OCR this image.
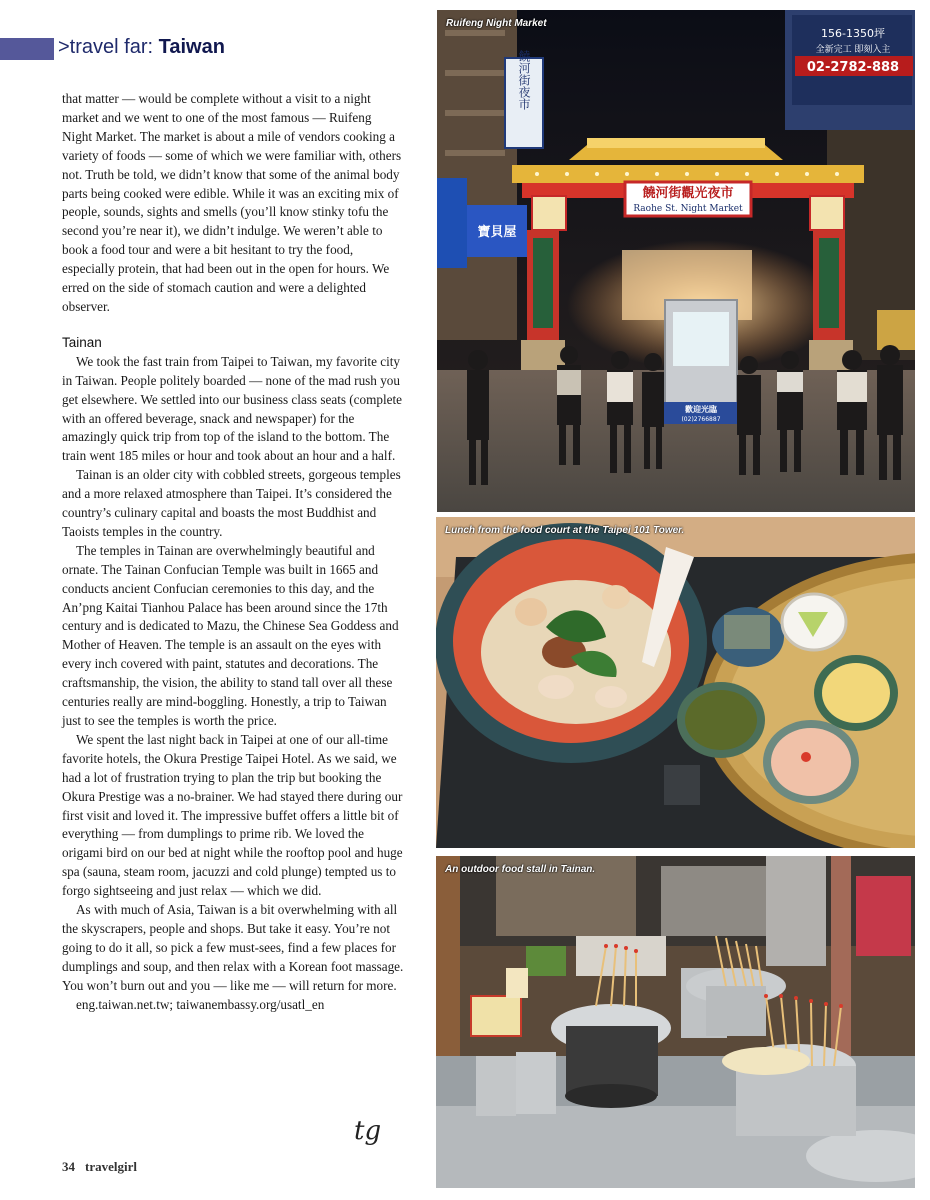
>travel far: Taiwan

that matter — would be complete without a visit to a night market and we went to one of the most famous — Ruifeng Night Market. The market is about a mile of vendors cooking a variety of foods — some of which we were familiar with, others not. Truth be told, we didn’t know that some of the animal body parts being cooked were edible. While it was an exciting mix of people, sounds, sights and smells (you’ll know stinky tofu the second you’re near it), we didn’t indulge. We weren’t able to book a food tour and were a bit hesitant to try the food, especially protein, that had been out in the open for hours. We erred on the side of stomach caution and were a delighted observer.

Tainan

We took the fast train from Taipei to Taiwan, my favorite city in Taiwan. People politely boarded — none of the mad rush you get elsewhere. We settled into our business class seats (complete with an offered beverage, snack and newspaper) for the amazingly quick trip from top of the island to the bottom. The train went 185 miles or hour and took about an hour and a half.

Tainan is an older city with cobbled streets, gorgeous temples and a more relaxed atmosphere than Taipei. It’s considered the country’s culinary capital and boasts the most Buddhist and Taoists temples in the country.

The temples in Tainan are overwhelmingly beautiful and ornate. The Tainan Confucian Temple was built in 1665 and conducts ancient Confucian ceremonies to this day, and the An’png Kaitai Tianhou Palace has been around since the 17th century and is dedicated to Mazu, the Chinese Sea Goddess and Mother of Heaven. The temple is an assault on the eyes with every inch covered with paint, statutes and decorations. The craftsmanship, the vision, the ability to stand tall over all these centuries really are mind-boggling. Honestly, a trip to Taiwan just to see the temples is worth the price.

We spent the last night back in Taipei at one of our all-time favorite hotels, the Okura Prestige Taipei Hotel. As we said, we had a lot of frustration trying to plan the trip but booking the Okura Prestige was a no-brainer. We had stayed there during our first visit and loved it. The impressive buffet offers a little bit of everything — from dumplings to prime rib. We loved the origami bird on our bed at night while the rooftop pool and huge spa (sauna, steam room, jacuzzi and cold plunge) tempted us to forgo sightseeing and just relax — which we did.

As with much of Asia, Taiwan is a bit overwhelming with all the skyscrapers, people and shops. But take it easy. You’re not going to do it all, so pick a few must-sees, find a few places for dumplings and soup, and then relax with a Korean foot massage. You won’t burn out and you — like me — will return for more.

eng.taiwan.net.tw; taiwanembassy.org/usatl_en

tg
34 travelgirl
156-1350坪
全新完工 即刻入主
02-2782-888
饒河街夜市
寶貝屋
饒河街觀光夜市
Raohe St. Night Market
歡迎光臨
(02)2766887
Ruifeng Night Market
Lunch from the food court at the Taipei 101 Tower.
An outdoor food stall in Tainan.
